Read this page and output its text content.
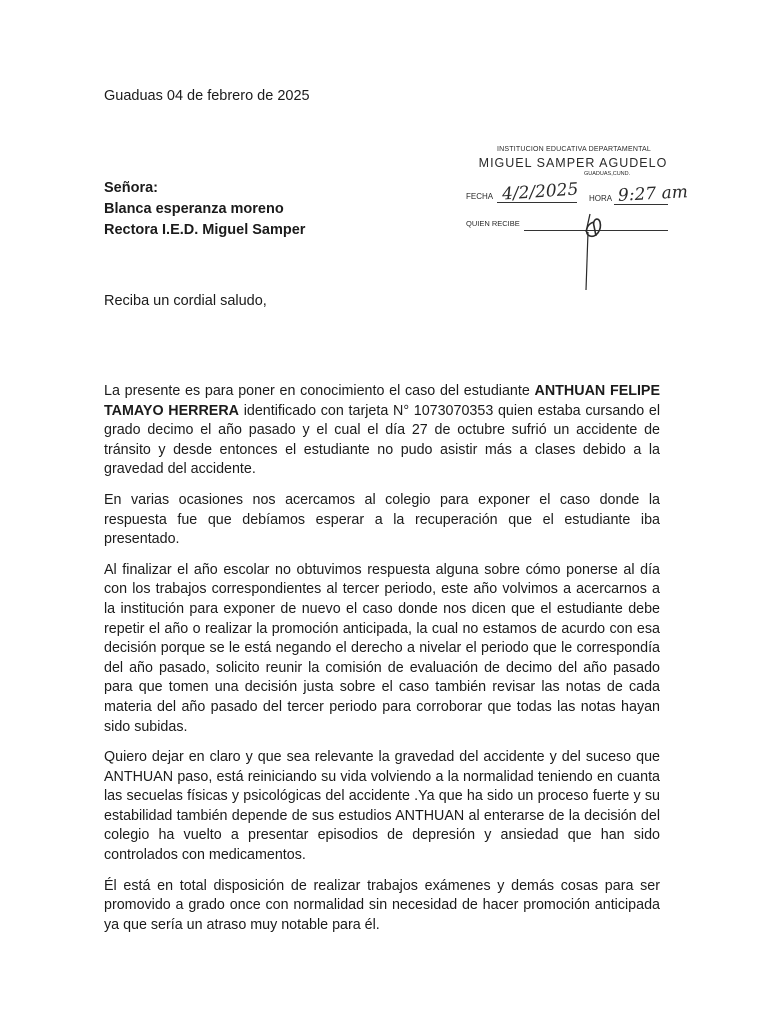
Guaduas 04 de febrero de 2025
Señora:
Blanca esperanza moreno
Rectora I.E.D. Miguel Samper
INSTITUCION EDUCATIVA DEPARTAMENTAL
MIGUEL SAMPER AGUDELO
GUADUAS,CUND.
FECHA 4/2/2025 HORA 9:27 am
QUIEN RECIBE
Reciba un cordial saludo,

La presente es para poner en conocimiento el caso del estudiante ANTHUAN FELIPE TAMAYO HERRERA identificado con tarjeta N° 1073070353 quien estaba cursando el grado decimo el año pasado y el cual el día 27 de octubre sufrió un accidente de tránsito y desde entonces el estudiante no pudo asistir más a clases debido a la gravedad del accidente.

En varias ocasiones nos acercamos al colegio para exponer el caso donde la respuesta fue que debíamos esperar a la recuperación que el estudiante iba presentado.

Al finalizar el año escolar no obtuvimos respuesta alguna sobre cómo ponerse al día con los trabajos correspondientes al tercer periodo, este año volvimos a acercarnos a la institución para exponer de nuevo el caso donde nos dicen que el estudiante debe repetir el año o realizar la promoción anticipada, la cual no estamos de acurdo con esa decisión porque se le está negando el derecho a nivelar el periodo que le correspondía del año pasado, solicito reunir la comisión de evaluación de decimo del año pasado para que tomen una decisión justa sobre el caso también revisar las notas de cada materia del año pasado del tercer periodo para corroborar que todas las notas hayan sido subidas.

Quiero dejar en claro y que sea relevante la gravedad del accidente y del suceso que ANTHUAN paso, está reiniciando su vida volviendo a la normalidad teniendo en cuanta las secuelas físicas y psicológicas del accidente .Ya que ha sido un proceso fuerte y su estabilidad también depende de sus estudios ANTHUAN al enterarse de la decisión del colegio ha vuelto a presentar episodios de depresión y ansiedad que han sido controlados con medicamentos.

Él está en total disposición de realizar trabajos exámenes y demás cosas para ser promovido a grado once con normalidad sin necesidad de hacer promoción anticipada ya que sería un atraso muy notable para él.
